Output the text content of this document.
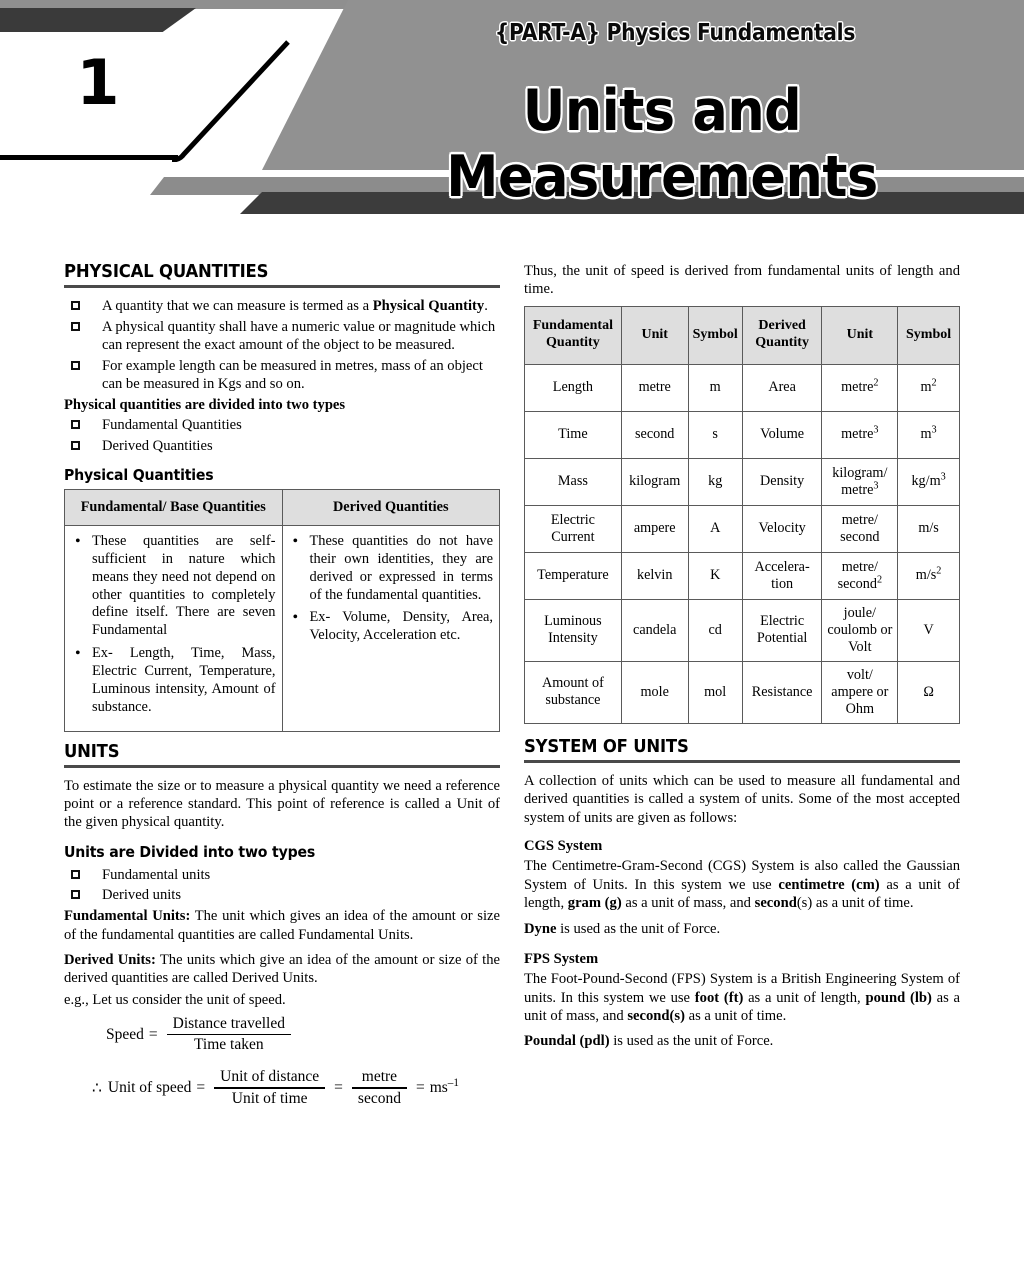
1
{PART-A} Physics Fundamentals
Units and Measurements
PHYSICAL QUANTITIES
❯ A quantity that we can measure is termed as a Physical Quantity.
❯ A physical quantity shall have a numeric value or magnitude which can represent the exact amount of the object to be measured.
❯ For example length can be measured in metres, mass of an object can be measured in Kgs and so on.
Physical quantities are divided into two types
❯ Fundamental Quantities
❯ Derived Quantities
Physical Quantities
Fundamental/ Base Quantities	Derived Quantities

• These quantities are self-sufficient in nature which means they need not depend on other quantities to completely define itself. There are seven Fundamental
• Ex- Length, Time, Mass, Electric Current, Temperature, Luminous intensity, Amount of substance.

• These quantities do not have their own identities, they are derived or expressed in terms of the fundamental quantities.
• Ex- Volume, Density, Area, Velocity, Acceleration etc.
UNITS

To estimate the size or to measure a physical quantity we need a reference point or a reference standard. This point of reference is called a Unit of the given physical quantity.

Units are Divided into two types
❯ Fundamental units
❯ Derived units

Fundamental Units: The unit which gives an idea of the amount or size of the fundamental quantities are called Fundamental Units.

Derived Units: The units which give an idea of the amount or size of the derived quantities are called Derived Units.

e.g., Let us consider the unit of speed.

Speed = $\frac{\text{Distance travelled}}{\text{Time taken}}$
∴ Unit of speed = $\frac{\text{Unit of distance}}{\text{Unit of time}} = \frac{\text{metre}}{\text{second}} = ms^{-1}$

Thus, the unit of speed is derived from fundamental units of length and time.

Fundamental Quantity	Unit	Symbol	Derived Quantity	Unit	Symbol
Length	metre	m	Area	metre$^2$	$m^2$
Time	second	s	Volume	metre$^3$	$m^3$
Mass	kilogram	kg	Density	kilogram/ metre$^3$	$kg/m^3$
Electric Current	ampere	A	Velocity	metre/ second	m/s
Temperature	kelvin	K	Accelera-​tion	metre/ second$^2$	$m/s^2$
Luminous Intensity	candela	cd	Electric Potential	joule/ coulomb or Volt	V
Amount of substance	mole	mol	Resistance	volt/ ampere or Ohm	Ω
SYSTEM OF UNITS

A collection of units which can be used to measure all fundamental and derived quantities is called a system of units. Some of the most accepted system of units are given as follows:

CGS System

The Centimetre-Gram-Second (CGS) System is also called the Gaussian System of Units. In this system we use centimetre (cm) as a unit of length, gram (g) as a unit of mass, and second(s) as a unit of time.

Dyne is used as the unit of Force.

FPS System

The Foot-Pound-Second (FPS) System is a British Engineering System of units. In this system we use foot (ft) as a unit of length, pound (lb) as a unit of mass, and second(s) as a unit of time.

Poundal (pdl) is used as the unit of Force.
